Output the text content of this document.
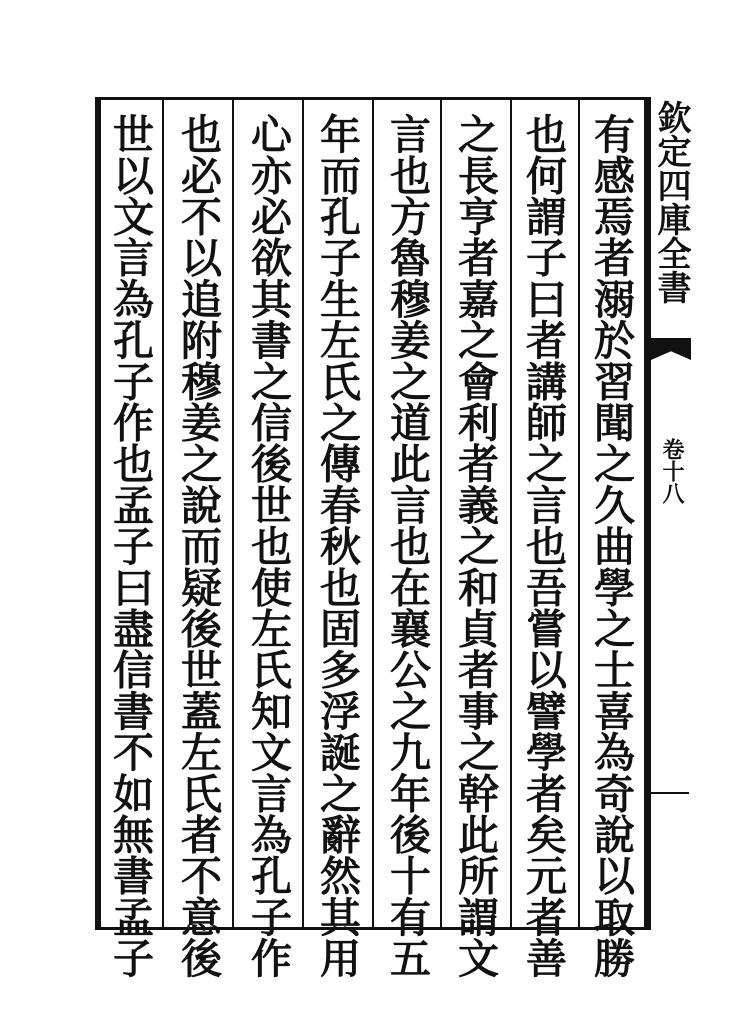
欽定四庫全書
卷十八
有感焉者溺於習聞之久曲學之士喜為奇說以取勝
也何謂子曰者講師之言也吾嘗以譬學者矣元者善
之長亨者嘉之會利者義之和貞者事之幹此所謂文
言也方魯穆姜之道此言也在襄公之九年後十有五
年而孔子生左氏之傳春秋也固多浮誕之辭然其用
心亦必欲其書之信後世也使左氏知文言為孔子作
也必不以追附穆姜之說而疑後世蓋左氏者不意後
世以文言為孔子作也孟子曰盡信書不如無書孟子
